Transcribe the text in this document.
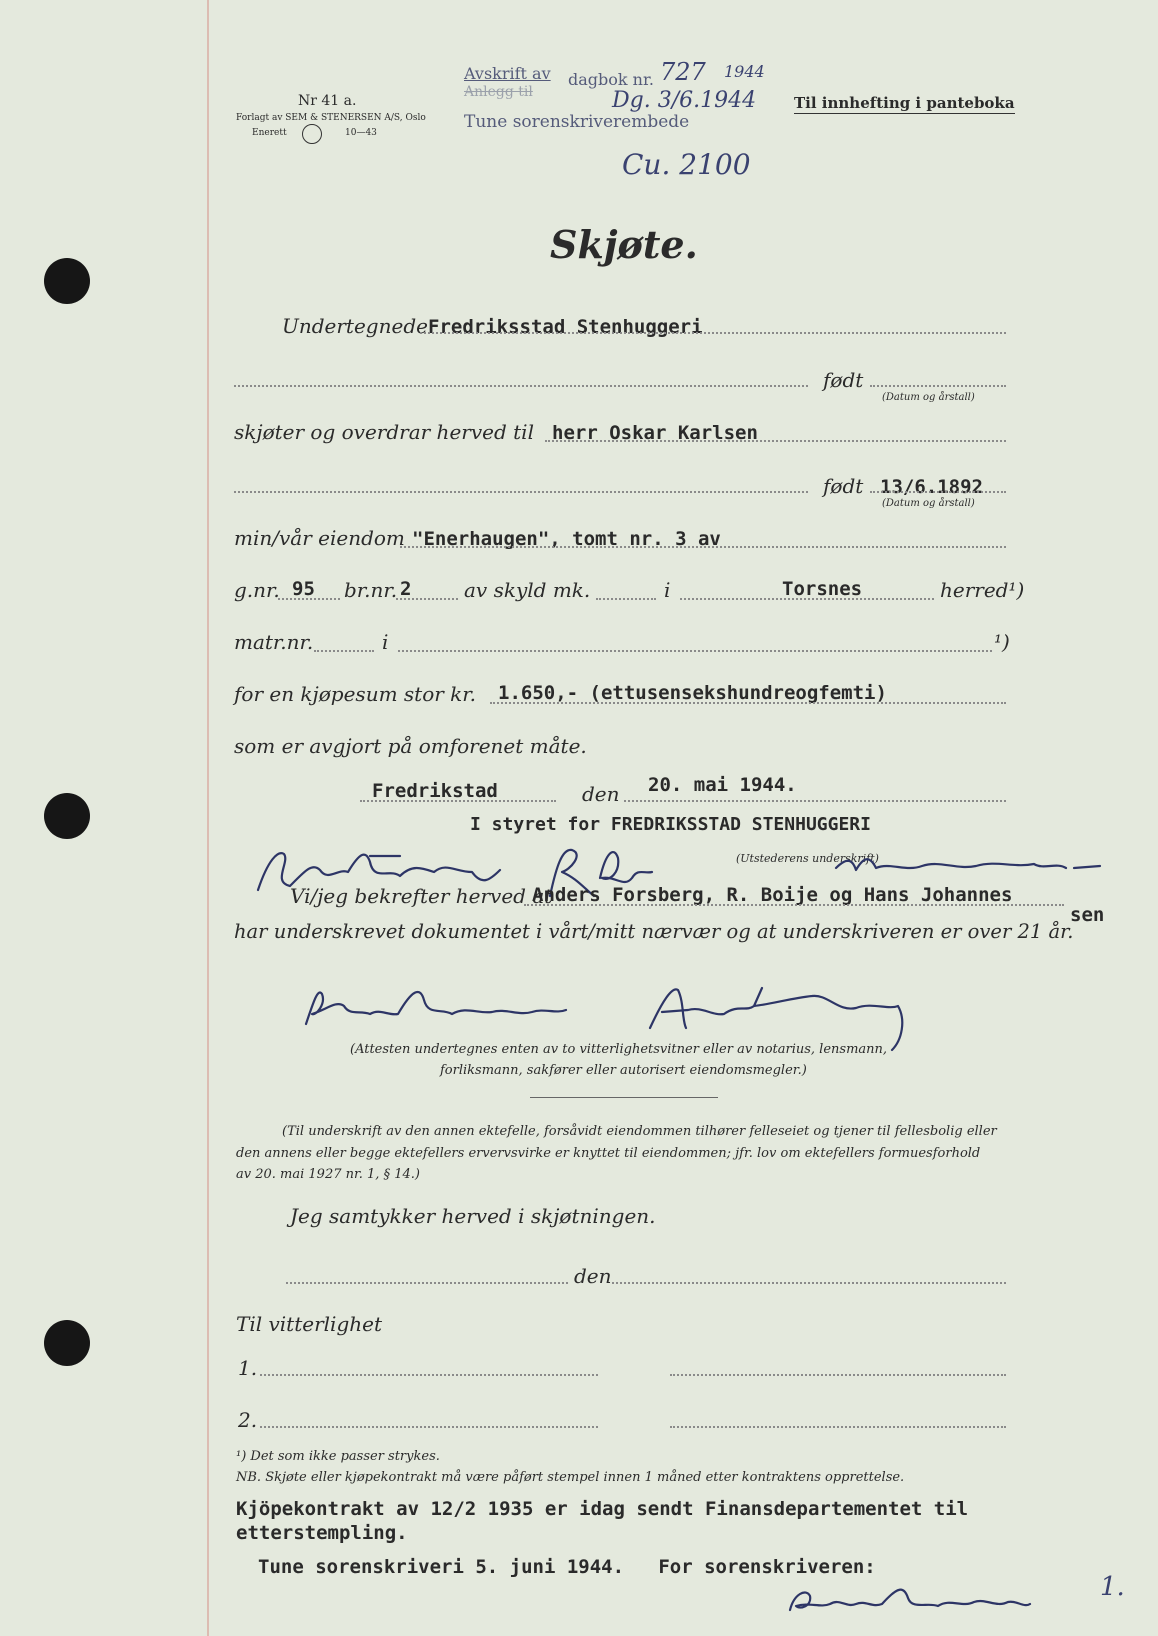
Nr 41 a.
Forlagt av SEM & STENERSEN A/S, Oslo
Enerett	10—43
Avskrift av
Anlegg til
dagbok nr. 727 1944
Dg. 3/6.1944
Tune sorenskriverembede
Cu. 2100
Til innhefting i panteboka
Skjøte.
Undertegnede Fredriksstad Stenhuggeri
født
(Datum og årstall)
skjøter og overdrar herved til herr Oskar Karlsen
født 13/6.1892
(Datum og årstall)
min/vår eiendom "Enerhaugen", tomt nr. 3 av
g.nr. 95 br.nr. 2	av skyld mk.	i	Torsnes	herred¹)
matr.nr.	i	¹)
for en kjøpesum stor kr. 1.650,- (ettusensekshundreogfemti)
som er avgjort på omforenet måte.
Fredrikstad	den 20. mai 1944.
I styret for FREDRIKSSTAD STENHUGGERI
(Utstederens underskrift)
Vi/jeg bekrefter herved at
Anders Forsberg, R. Boije og Hans Johannes
sen
har underskrevet dokumentet i vårt/mitt nærvær og at underskriveren er over 21 år.
(Attesten undertegnes enten av to vitterlighetsvitner eller av notarius, lensmann,
forliksmann, sakfører eller autorisert eiendomsmegler.)
(Til underskrift av den annen ektefelle, forsåvidt eiendommen tilhører felleseiet og tjener til fellesbolig eller
den annens eller begge ektefellers ervervsvirke er knyttet til eiendommen; jfr. lov om ektefellers formuesforhold
av 20. mai 1927 nr. 1, § 14.)
Jeg samtykker herved i skjøtningen.
den
Til vitterlighet
1.
2.
¹) Det som ikke passer strykes.
NB. Skjøte eller kjøpekontrakt må være påført stempel innen 1 måned etter kontraktens opprettelse.
Kjöpekontrakt av 12/2 1935 er idag sendt Finansdepartementet til
etterstempling.
Tune sorenskriveri 5. juni 1944.   For sorenskriveren:
1.
